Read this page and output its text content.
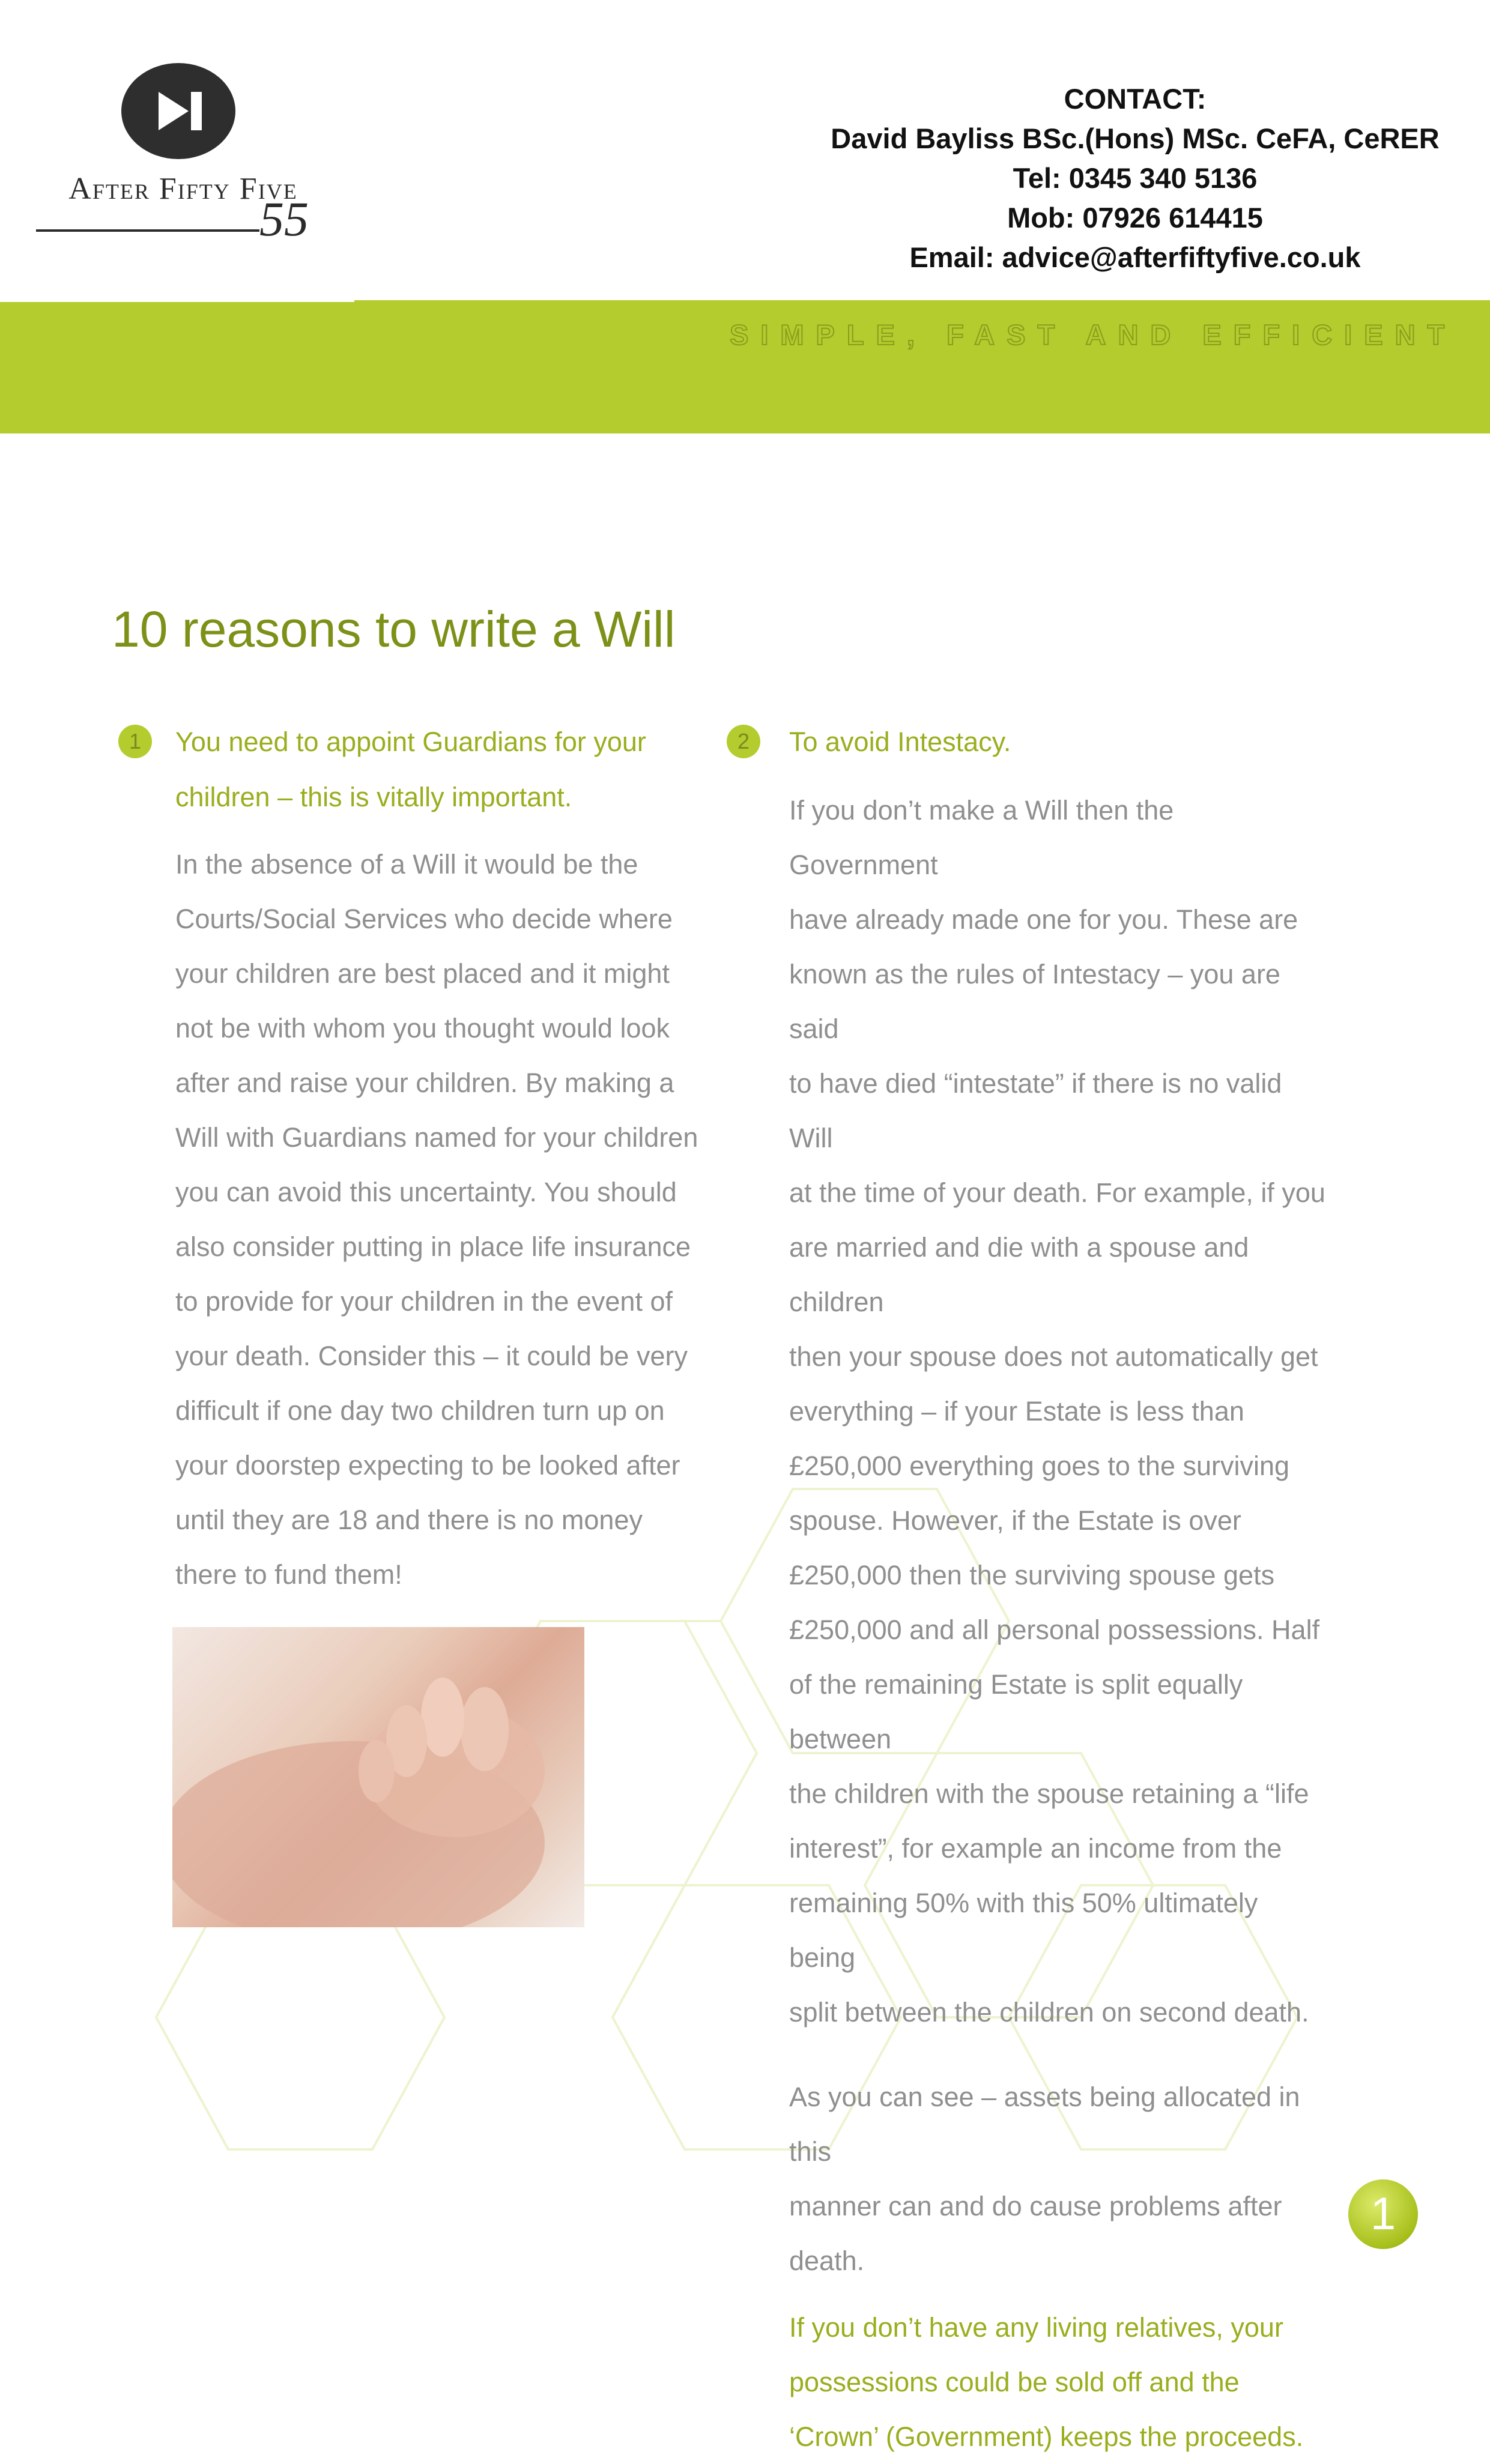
After Fifty Five
55
CONTACT:
David Bayliss BSc.(Hons) MSc. CeFA, CeRER
Tel: 0345 340 5136
Mob: 07926 614415
Email: advice@afterfiftyfive.co.uk
SIMPLE, FAST AND EFFICIENT
10 reasons to write a Will
1	You need to appoint Guardians for your

children – this is vitally important.

In the absence of a Will it would be the

Courts/Social Services who decide where

your children are best placed and it might

not be with whom you thought would look

after and raise your children. By making a

Will with Guardians named for your children

you can avoid this uncertainty. You should

also consider putting in place life insurance

to provide for your children in the event of

your death. Consider this – it could be very

difficult if one day two children turn up on

your doorstep expecting to be looked after

until they are 18 and there is no money

there to fund them!

2	To avoid Intestacy.

If you don’t make a Will then the Government

have already made one for you. These are

known as the rules of Intestacy – you are said

to have died “intestate” if there is no valid Will

at the time of your death. For example, if you

are married and die with a spouse and children

then your spouse does not automatically get

everything – if your Estate is less than

£250,000 everything goes to the surviving

spouse. However, if the Estate is over

£250,000 then the surviving spouse gets

£250,000 and all personal possessions. Half

of the remaining Estate is split equally between

the children with the spouse retaining a “life

interest”, for example an income from the

remaining 50% with this 50% ultimately being

split between the children on second death.

As you can see – assets being allocated in this

manner can and do cause problems after

death.

If you don’t have any living relatives, your

possessions could be sold off and the

‘Crown’ (Government) keeps the proceeds.

1
